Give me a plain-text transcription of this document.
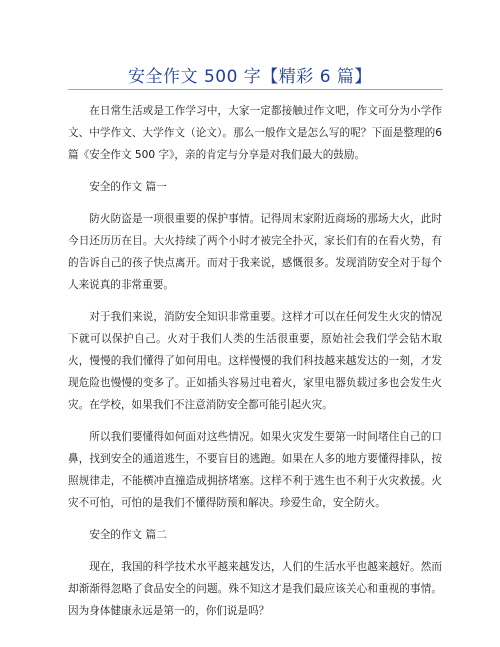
安全作文 500 字【精彩 6 篇】

在日常生活或是工作学习中，大家一定都接触过作文吧，作文可分为小学作文、中学作文、大学作文（论文）。那么一般作文是怎么写的呢？下面是整理的6篇《安全作文 500 字》，亲的肯定与分享是对我们最大的鼓励。

安全的作文 篇一

防火防盗是一项很重要的保护事情。记得周末家附近商场的那场大火，此时今日还历历在目。大火持续了两个小时才被完全扑灭，家长们有的在看火势，有的告诉自己的孩子快点离开。而对于我来说，感慨很多。发现消防安全对于每个人来说真的非常重要。

对于我们来说，消防安全知识非常重要。这样才可以在任何发生火灾的情况下就可以保护自己。火对于我们人类的生活很重要，原始社会我们学会钻木取火，慢慢的我们懂得了如何用电。这样慢慢的我们科技越来越发达的一刻，才发现危险也慢慢的变多了。正如插头容易过电着火，家里电器负载过多也会发生火灾。在学校，如果我们不注意消防安全都可能引起火灾。

所以我们要懂得如何面对这些情况。如果火灾发生要第一时间堵住自己的口鼻，找到安全的通道逃生，不要盲目的逃跑。如果在人多的地方要懂得排队，按照规律走，不能横冲直撞造成拥挤堵塞。这样不利于逃生也不利于火灾救援。火灾不可怕，可怕的是我们不懂得防预和解决。珍爱生命，安全防火。

安全的作文 篇二

现在，我国的科学技术水平越来越发达，人们的生活水平也越来越好。然而却渐渐得忽略了食品安全的问题。殊不知这才是我们最应该关心和重视的事情。因为身体健康永远是第一的，你们说是吗？
